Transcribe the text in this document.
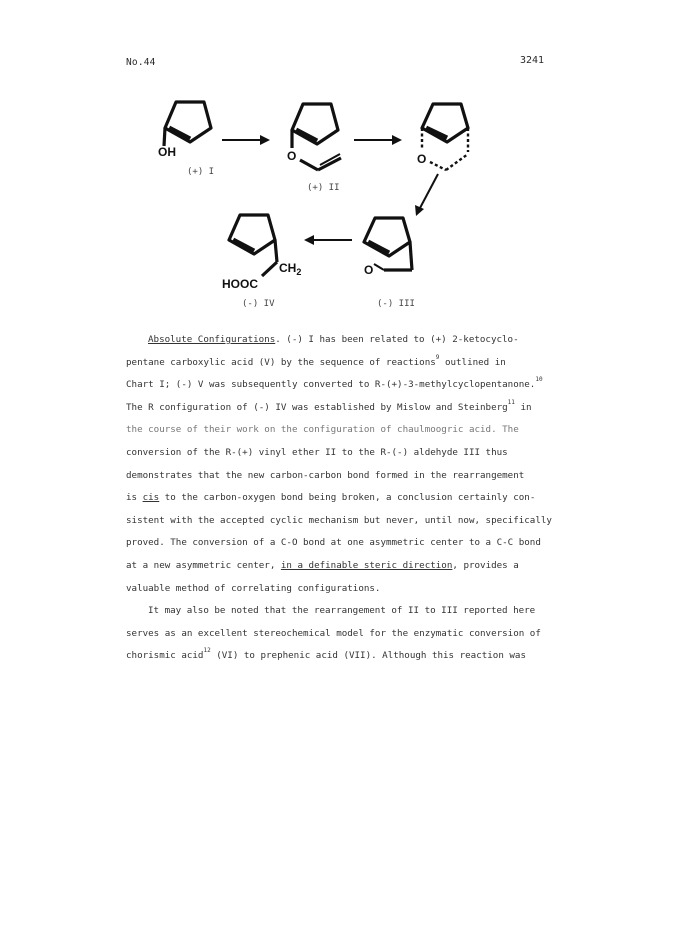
No.44	3241
OH
(+) I
O
(+) II
O
O
(-) III
$CH_2$
HOOC
(-) IV
Absolute Configurations. (-) I has been related to (+) 2-ketocyclo-
pentane carboxylic acid (V) by the sequence of reactions$^9$ outlined in
Chart I; (-) V was subsequently converted to R-(+)-3-methylcyclopentanone.$^{10}$
The R configuration of (-) IV was established by Mislow and Steinberg$^{11}$ in
the course of their work on the configuration of chaulmoogric acid. The
conversion of the R-(+) vinyl ether II to the R-(-) aldehyde III thus
demonstrates that the new carbon-carbon bond formed in the rearrangement
is cis to the carbon-oxygen bond being broken, a conclusion certainly con-
sistent with the accepted cyclic mechanism but never, until now, specifically
proved. The conversion of a C-O bond at one asymmetric center to a C-C bond
at a new asymmetric center, in a definable steric direction, provides a
valuable method of correlating configurations.
It may also be noted that the rearrangement of II to III reported here
serves as an excellent stereochemical model for the enzymatic conversion of
chorismic acid$^{12}$ (VI) to prephenic acid (VII). Although this reaction was
